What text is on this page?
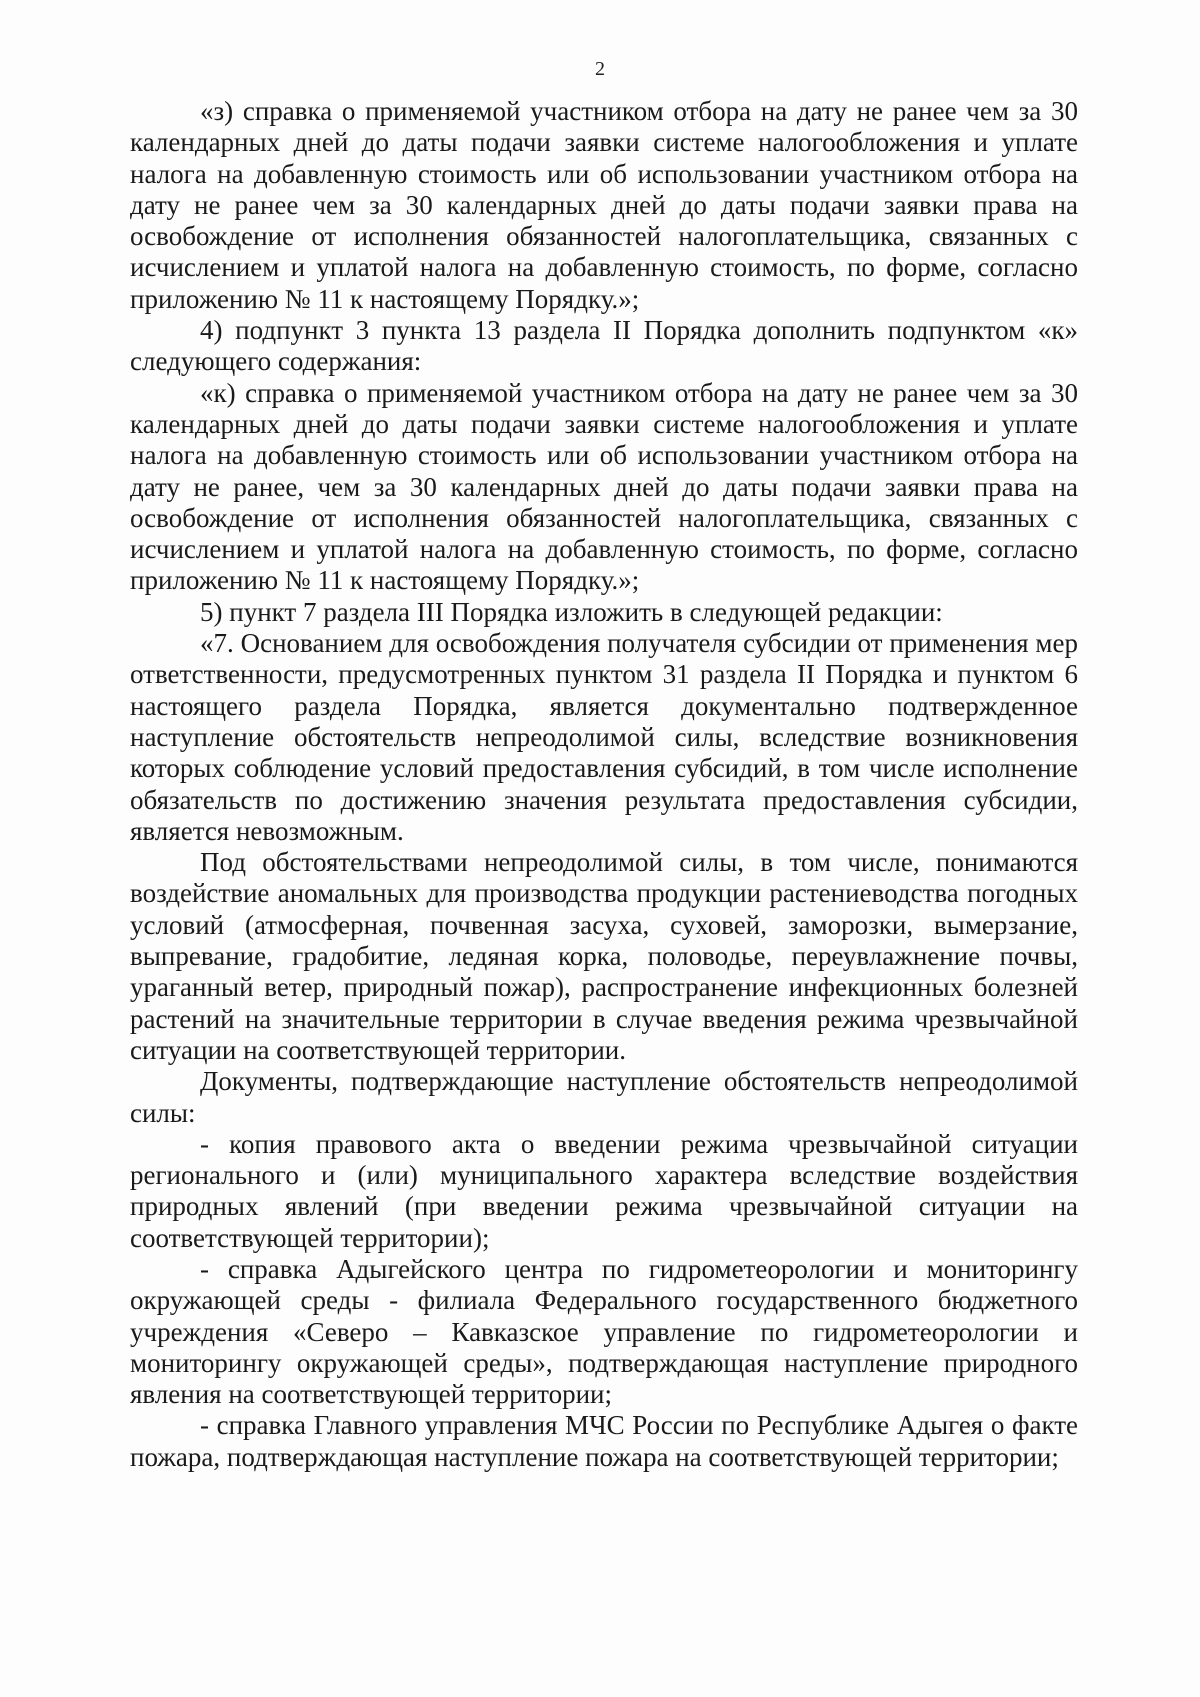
2

«з) справка о применяемой участником отбора на дату не ранее чем за 30 календарных дней до даты подачи заявки системе налогообложения и уплате налога на добавленную стоимость или об использовании участником отбора на дату не ранее чем за 30 календарных дней до даты подачи заявки права на освобождение от исполнения обязанностей налогоплательщика, связанных с исчислением и уплатой налога на добавленную стоимость, по форме, согласно приложению № 11 к настоящему Порядку.»;

4) подпункт 3 пункта 13 раздела II Порядка дополнить подпунктом «к» следующего содержания:

«к) справка о применяемой участником отбора на дату не ранее чем за 30 календарных дней до даты подачи заявки системе налогообложения и уплате налога на добавленную стоимость или об использовании участником отбора на дату не ранее, чем за 30 календарных дней до даты подачи заявки права на освобождение от исполнения обязанностей налогоплательщика, связанных с исчислением и уплатой налога на добавленную стоимость, по форме, согласно приложению № 11 к настоящему Порядку.»;

5) пункт 7 раздела III Порядка изложить в следующей редакции:

«7. Основанием для освобождения получателя субсидии от применения мер ответственности, предусмотренных пунктом 31 раздела II Порядка и пунктом 6 настоящего раздела Порядка, является документально подтвержденное наступление обстоятельств непреодолимой силы, вследствие возникновения которых соблюдение условий предоставления субсидий, в том числе исполнение обязательств по достижению значения результата предоставления субсидии, является невозможным.

Под обстоятельствами непреодолимой силы, в том числе, понимаются воздействие аномальных для производства продукции растениеводства погодных условий (атмосферная, почвенная засуха, суховей, заморозки, вымерзание, выпревание, градобитие, ледяная корка, половодье, переувлажнение почвы, ураганный ветер, природный пожар), распространение инфекционных болезней растений на значительные территории в случае введения режима чрезвычайной ситуации на соответствующей территории.

Документы, подтверждающие наступление обстоятельств непреодолимой силы:

- копия правового акта о введении режима чрезвычайной ситуации регионального и (или) муниципального характера вследствие воздействия природных явлений (при введении режима чрезвычайной ситуации на соответствующей территории);

- справка Адыгейского центра по гидрометеорологии и мониторингу окружающей среды - филиала Федерального государственного бюджетного учреждения «Северо – Кавказское управление по гидрометеорологии и мониторингу окружающей среды», подтверждающая наступление природного явления на соответствующей территории;

- справка Главного управления МЧС России по Республике Адыгея о факте пожара, подтверждающая наступление пожара на соответствующей территории;
